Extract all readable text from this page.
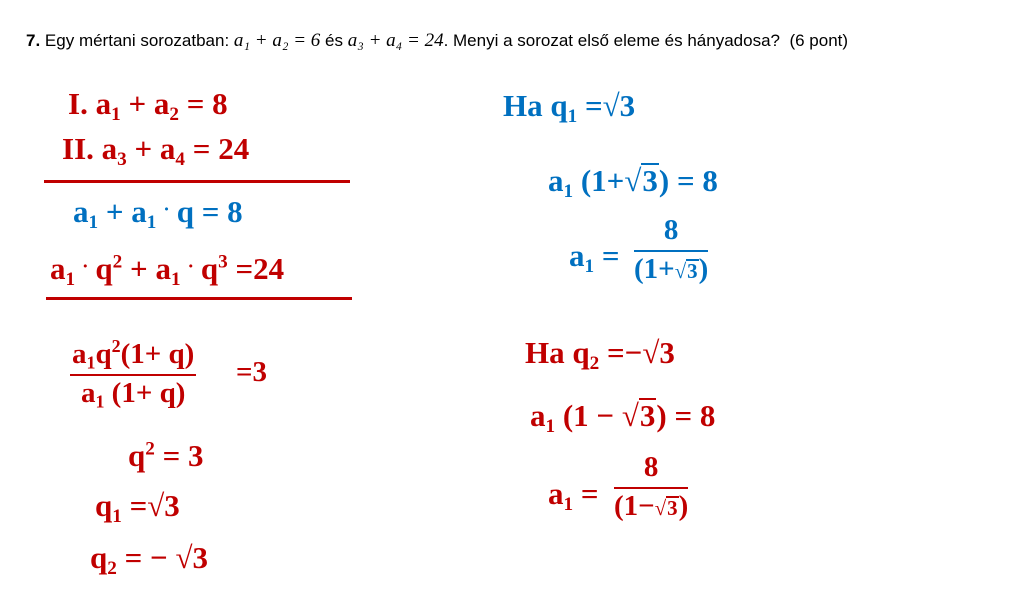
7. Egy mértani sorozatban: a₁ + a₂ = 6 és a₃ + a₄ = 24. Menyi a sorozat első eleme és hányadosa? (6 pont)
I. $a_1 + a_2 = 8$
II. $a_3 + a_4 = 24$
$a_1 + a_1$ . q = 8
$a_1$ . $q^2 + a_1$ . $q^3 =24$
$\frac{a_1q^2(1+ q)}{a_1 (1+ q)} =3$
$q^2 = 3$
$q_1 =√3$
$q_2$ = − √3
Ha $q_1 =√3$
$a_1$ (1+√3) = 8
$a_1 = \frac{8}{(1+√3)}$
Ha $q_2 =-√3$
$a_1$ (1 − √3) = 8
$a_1 = \frac{8}{(1-√3)}$
